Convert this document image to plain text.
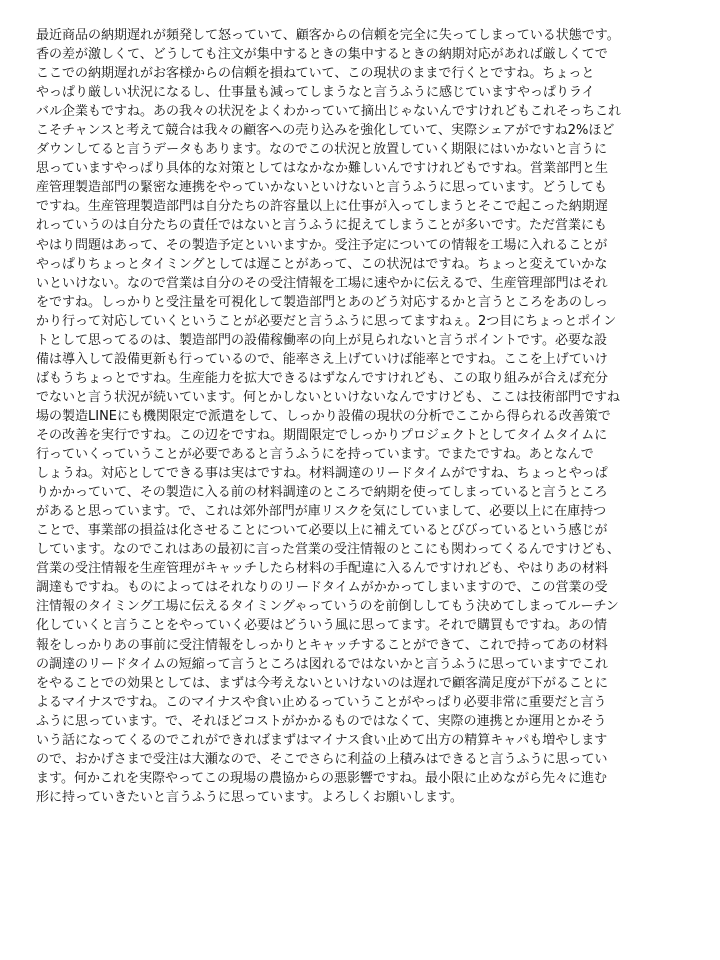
最近商品の納期遅れが頻発して怒っていて、顧客からの信頼を完全に失ってしまっている状態です。
香の差が激しくて、どうしても注文が集中するときの集中するときの納期対応があれば厳しくてで
ここでの納期遅れがお客様からの信頼を損ねていて、この現状のままで行くとですね。ちょっと
やっぱり厳しい状況になるし、仕事量も減ってしまうなと言うふうに感じていますやっぱりライ
バル企業もですね。あの我々の状況をよくわかっていて摘出じゃないんですけれどもこれそっちこれ
こそチャンスと考えて競合は我々の顧客への売り込みを強化していて、実際シェアがですね2%ほど
ダウンしてると言うデータもあります。なのでこの状況と放置していく期限にはいかないと言うに
思っていますやっぱり具体的な対策としてはなかなか難しいんですけれどもですね。営業部門と生
産管理製造部門の緊密な連携をやっていかないといけないと言うふうに思っています。どうしても
ですね。生産管理製造部門は自分たちの許容量以上に仕事が入ってしまうとそこで起こった納期遅
れっていうのは自分たちの責任ではないと言うふうに捉えてしまうことが多いです。ただ営業にも
やはり問題はあって、その製造予定といいますか。受注予定についての情報を工場に入れることが
やっぱりちょっとタイミングとしては遅ことがあって、この状況はですね。ちょっと変えていかな
いといけない。なので営業は自分のその受注情報を工場に速やかに伝えるで、生産管理部門はそれ
をですね。しっかりと受注量を可視化して製造部門とあのどう対応するかと言うところをあのしっ
かり行って対応していくということが必要だと言うふうに思ってますねぇ。2つ目にちょっとポイン
トとして思ってるのは、製造部門の設備稼働率の向上が見られないと言うポイントです。必要な設
備は導入して設備更新も行っているので、能率さえ上げていけば能率とですね。ここを上げていけ
ばもうちょっとですね。生産能力を拡大できるはずなんですけれども、この取り組みが合えば充分
でないと言う状況が続いています。何とかしないといけないなんですけども、ここは技術部門ですね
場の製造LINEにも機関限定で派遣をして、しっかり設備の現状の分析でここから得られる改善策で
その改善を実行ですね。この辺をですね。期間限定でしっかりプロジェクトとしてタイムタイムに
行っていくっていうことが必要であると言うふうにを持っています。でまたですね。あとなんで
しょうね。対応としてできる事は実はですね。材料調達のリードタイムがですね、ちょっとやっぱ
りかかっていて、その製造に入る前の材料調達のところで納期を使ってしまっていると言うところ
があると思っています。で、これは郊外部門が庫リスクを気にしていまして、必要以上に在庫持つ
ことで、事業部の損益は化させることについて必要以上に補えているとびびっているという感じが
しています。なのでこれはあの最初に言った営業の受注情報のとこにも関わってくるんですけども、
営業の受注情報を生産管理がキャッチしたら材料の手配違に入るんですけれども、やはりあの材料
調達もですね。ものによってはそれなりのリードタイムがかかってしまいますので、この営業の受
注情報のタイミング工場に伝えるタイミングゃっていうのを前倒ししてもう決めてしまってルーチン
化していくと言うことをやっていく必要はどういう風に思ってます。それで購買もですね。あの情
報をしっかりあの事前に受注情報をしっかりとキャッチすることができて、これで持ってあの材料
の調達のリードタイムの短縮って言うところは図れるではないかと言うふうに思っていますでこれ
をやることでの効果としては、まずは今考えないといけないのは遅れで顧客満足度が下がることに
よるマイナスですね。このマイナスや食い止めるっていうことがやっぱり必要非常に重要だと言う
ふうに思っています。で、それほどコストがかかるものではなくて、実際の連携とか運用とかそう
いう話になってくるのでこれができればまずはマイナス食い止めて出方の精算キャパも増やします
ので、おかげさまで受注は大瀬なので、そこでさらに利益の上積みはできると言うふうに思ってい
ます。何かこれを実際やってこの現場の農協からの悪影響ですね。最小限に止めながら先々に進む
形に持っていきたいと言うふうに思っています。よろしくお願いします。
